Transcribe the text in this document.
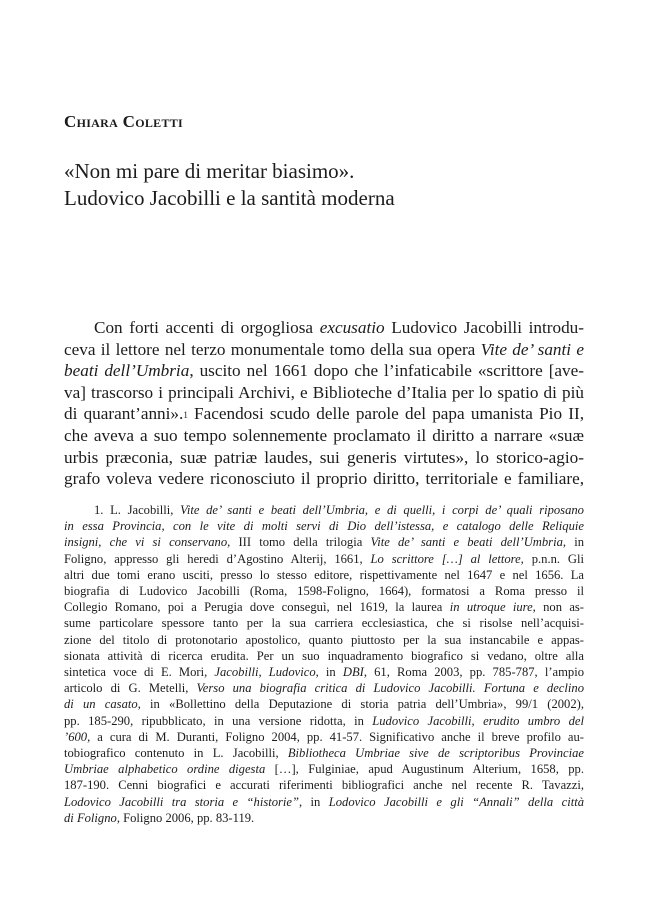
Chiara Coletti
«Non mi pare di meritar biasimo».
Ludovico Jacobilli e la santità moderna
Con forti accenti di orgogliosa excusatio Ludovico Jacobilli introdu-
ceva il lettore nel terzo monumentale tomo della sua opera Vite de’ santi e
beati dell’Umbria, uscito nel 1661 dopo che l’infaticabile «scrittore [ave-
va] trascorso i principali Archivi, e Biblioteche d’Italia per lo spatio di più
di quarant’anni».$^1$ Facendosi scudo delle parole del papa umanista Pio II,
che aveva a suo tempo solennemente proclamato il diritto a narrare «suæ
urbis præconia, suæ patriæ laudes, sui generis virtutes», lo storico-agio-
grafo voleva vedere riconosciuto il proprio diritto, territoriale e familiare,
1. L. Jacobilli, Vite de’ santi e beati dell’Umbria, e di quelli, i corpi de’ quali riposano
in essa Provincia, con le vite di molti servi di Dio dell’istessa, e catalogo delle Reliquie
insigni, che vi si conservano, III tomo della trilogia Vite de’ santi e beati dell’Umbria, in
Foligno, appresso gli heredi d’Agostino Alterij, 1661, Lo scrittore […] al lettore, p.n.n. Gli
altri due tomi erano usciti, presso lo stesso editore, rispettivamente nel 1647 e nel 1656. La
biografia di Ludovico Jacobilli (Roma, 1598-Foligno, 1664), formatosi a Roma presso il
Collegio Romano, poi a Perugia dove conseguì, nel 1619, la laurea in utroque iure, non as-
sume particolare spessore tanto per la sua carriera ecclesiastica, che si risolse nell’acquisi-
zione del titolo di protonotario apostolico, quanto piuttosto per la sua instancabile e appas-
sionata attività di ricerca erudita. Per un suo inquadramento biografico si vedano, oltre alla
sintetica voce di E. Mori, Jacobilli, Ludovico, in DBI, 61, Roma 2003, pp. 785-787, l’ampio
articolo di G. Metelli, Verso una biografia critica di Ludovico Jacobilli. Fortuna e declino
di un casato, in «Bollettino della Deputazione di storia patria dell’Umbria», 99/1 (2002),
pp. 185-290, ripubblicato, in una versione ridotta, in Ludovico Jacobilli, erudito umbro del
’600, a cura di M. Duranti, Foligno 2004, pp. 41-57. Significativo anche il breve profilo au-
tobiografico contenuto in L. Jacobilli, Bibliotheca Umbriae sive de scriptoribus Provinciae
Umbriae alphabetico ordine digesta […], Fulginiae, apud Augustinum Alterium, 1658, pp.
187-190. Cenni biografici e accurati riferimenti bibliografici anche nel recente R. Tavazzi,
Lodovico Jacobilli tra storia e “historie”, in Lodovico Jacobilli e gli “Annali” della città
di Foligno, Foligno 2006, pp. 83-119.
